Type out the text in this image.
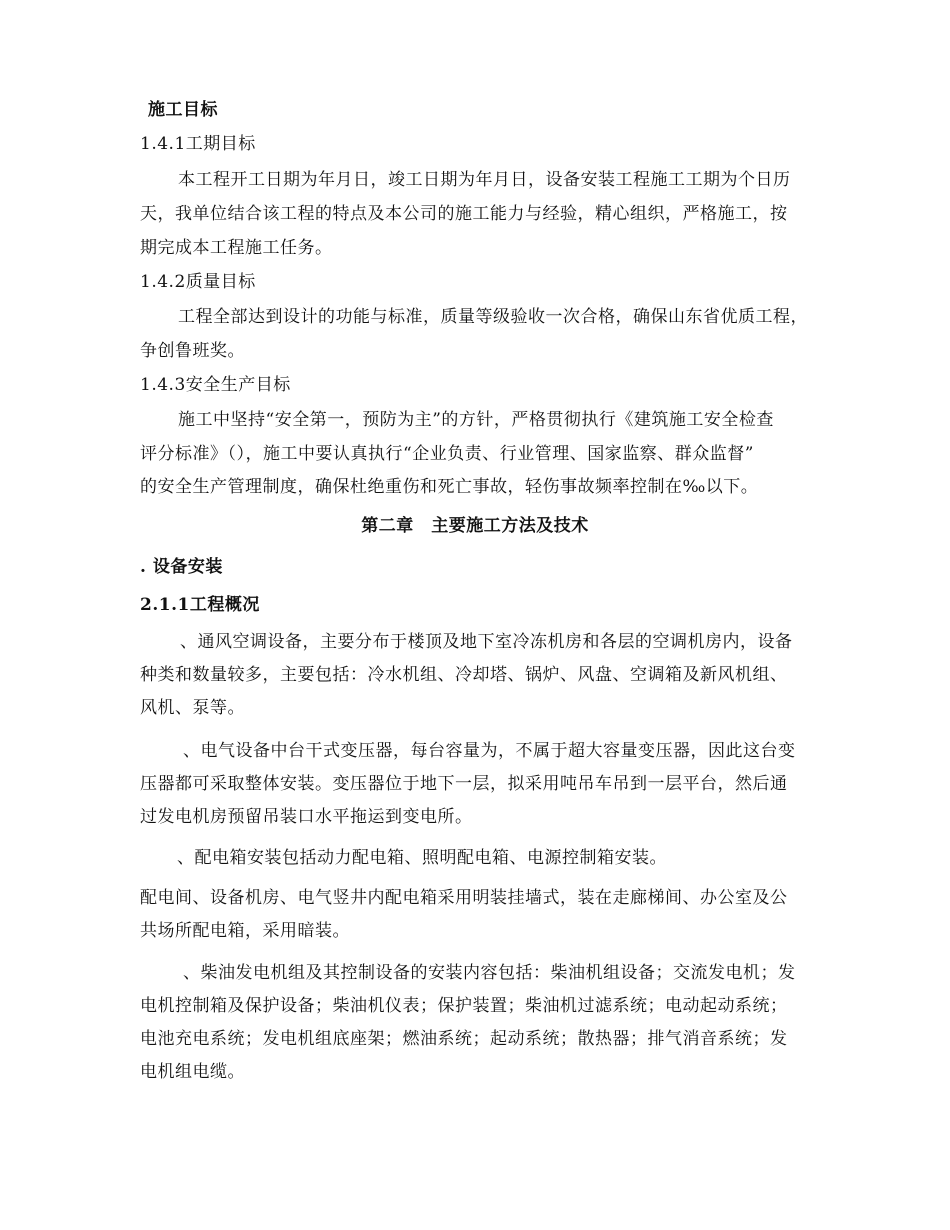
施工目标
1.4.1工期目标
本工程开工日期为年月日，竣工日期为年月日，设备安装工程施工工期为个日历
天，我单位结合该工程的特点及本公司的施工能力与经验，精心组织，严格施工，按
期完成本工程施工任务。
1.4.2质量目标
工程全部达到设计的功能与标准，质量等级验收一次合格，确保山东省优质工程，
争创鲁班奖。
1.4.3安全生产目标
施工中坚持“安全第一，预防为主”的方针，严格贯彻执行《建筑施工安全检查
评分标准》（），施工中要认真执行“企业负责、行业管理、国家监察、群众监督”
的安全生产管理制度，确保杜绝重伤和死亡事故，轻伤事故频率控制在‰以下。
第二章　主要施工方法及技术
. 设备安装
2.1.1工程概况
、通风空调设备，主要分布于楼顶及地下室冷冻机房和各层的空调机房内，设备
种类和数量较多，主要包括：冷水机组、冷却塔、锅炉、风盘、空调箱及新风机组、
风机、泵等。
、电气设备中台干式变压器，每台容量为，不属于超大容量变压器，因此这台变
压器都可采取整体安装。变压器位于地下一层，拟采用吨吊车吊到一层平台，然后通
过发电机房预留吊装口水平拖运到变电所。
、配电箱安装包括动力配电箱、照明配电箱、电源控制箱安装。
配电间、设备机房、电气竖井内配电箱采用明装挂墙式，装在走廊梯间、办公室及公
共场所配电箱，采用暗装。
、柴油发电机组及其控制设备的安装内容包括：柴油机组设备；交流发电机；发
电机控制箱及保护设备；柴油机仪表；保护装置；柴油机过滤系统；电动起动系统；
电池充电系统；发电机组底座架；燃油系统；起动系统；散热器；排气消音系统；发
电机组电缆。
